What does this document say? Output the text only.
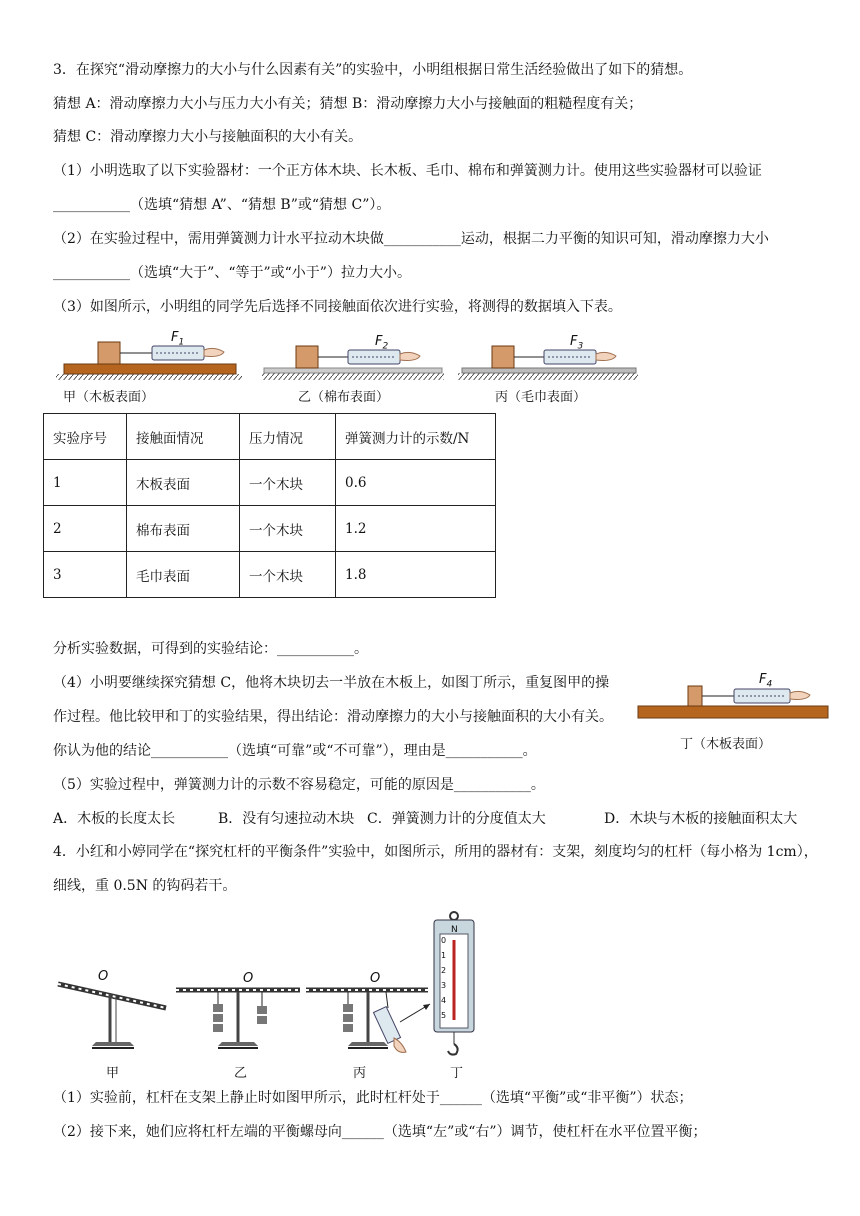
3．在探究“滑动摩擦力的大小与什么因素有关”的实验中，小明组根据日常生活经验做出了如下的猜想。
猜想 A：滑动摩擦力大小与压力大小有关；猜想 B：滑动摩擦力大小与接触面的粗糙程度有关；
猜想 C：滑动摩擦力大小与接触面积的大小有关。
（1）小明选取了以下实验器材：一个正方体木块、长木板、毛巾、棉布和弹簧测力计。使用这些实验器材可以验证
___________（选填“猜想 A”、“猜想 B”或“猜想 C”）。
（2）在实验过程中，需用弹簧测力计水平拉动木块做___________运动，根据二力平衡的知识可知，滑动摩擦力大小
___________（选填“大于”、“等于”或“小于”）拉力大小。
（3）如图所示，小明组的同学先后选择不同接触面依次进行实验，将测得的数据填入下表。
$F_1$	$F_2$	$F_3$
甲（木板表面）	乙（棉布表面）	丙（毛巾表面）
实验序号	接触面情况	压力情况	弹簧测力计的示数/N
1	木板表面	一个木块	0.6
2	棉布表面	一个木块	1.2
3	毛巾表面	一个木块	1.8
分析实验数据，可得到的实验结论：___________。
（4）小明要继续探究猜想 C，他将木块切去一半放在木板上，如图丁所示，重复图甲的操
作过程。他比较甲和丁的实验结果，得出结论：滑动摩擦力的大小与接触面积的大小有关。
你认为他的结论___________（选填“可靠”或“不可靠”），理由是___________。
$F_4$
丁（木板表面）
（5）实验过程中，弹簧测力计的示数不容易稳定，可能的原因是___________。
A．木板的长度太长	B．没有匀速拉动木块 C．弹簧测力计的分度值太大	D．木块与木板的接触面积太大
4．小红和小婷同学在“探究杠杆的平衡条件”实验中，如图所示，所用的器材有：支架，刻度均匀的杠杆（每小格为 1cm），
细线，重 0.5N 的钩码若干。
O	O	O
甲	乙	丙
N
0
1
2
3
4
5
丁
（1）实验前，杠杆在支架上静止时如图甲所示，此时杠杆处于______（选填“平衡”或“非平衡”）状态；
（2）接下来，她们应将杠杆左端的平衡螺母向______（选填“左”或“右”）调节，使杠杆在水平位置平衡；
